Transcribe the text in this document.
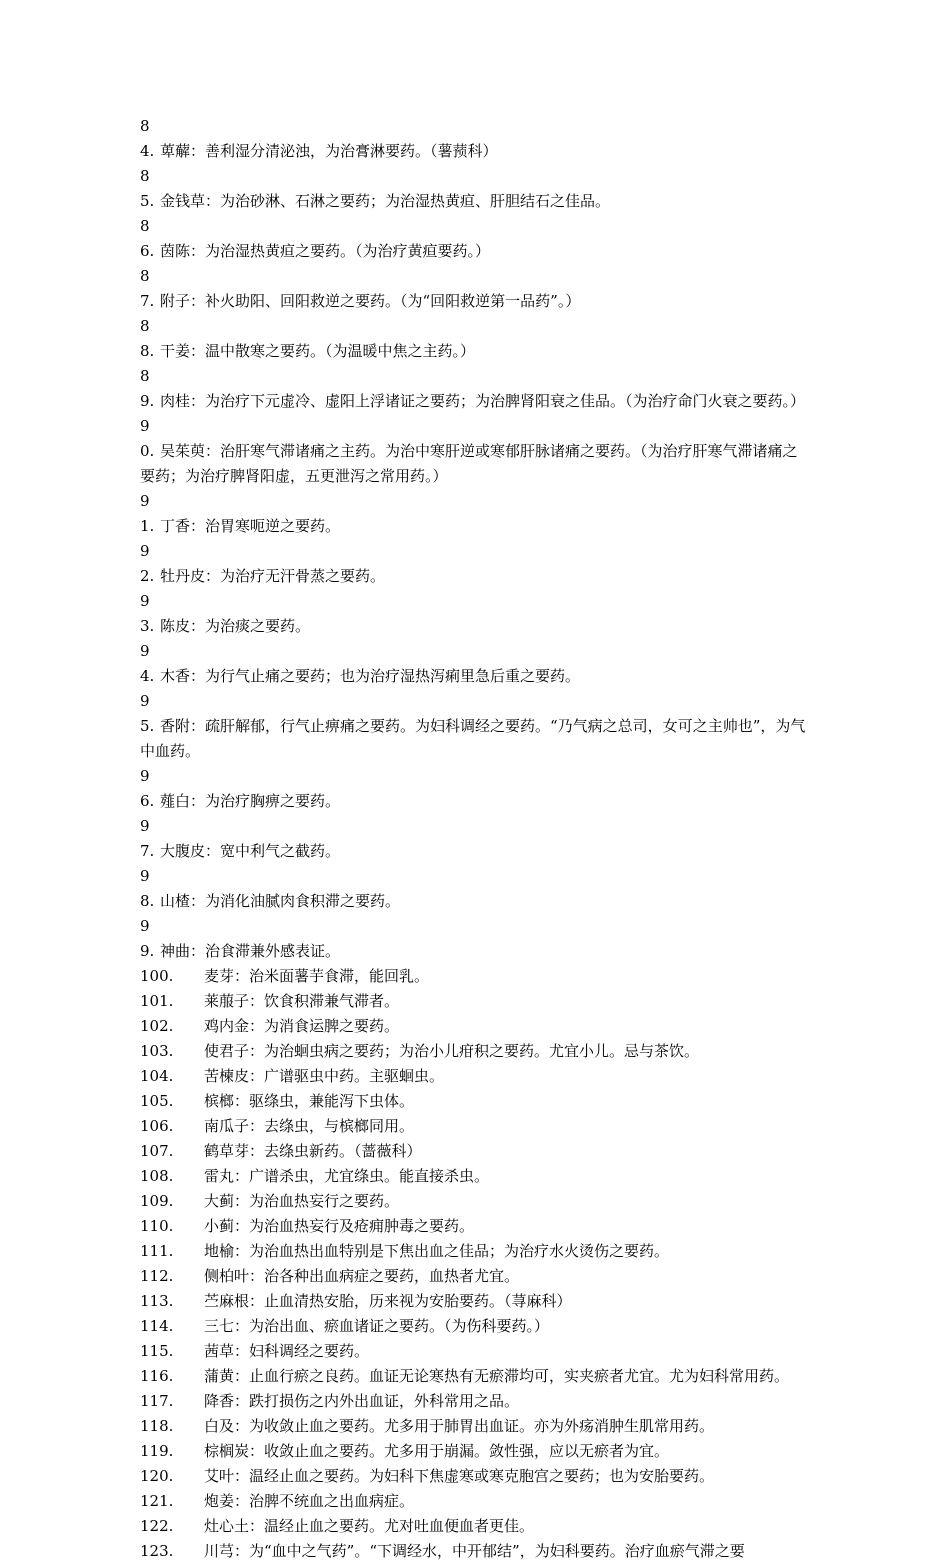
84. 萆薢：善利湿分清泌浊，为治膏淋要药。（薯蓣科）

85. 金钱草：为治砂淋、石淋之要药；为治湿热黄疸、肝胆结石之佳品。

86. 茵陈：为治湿热黄疸之要药。（为治疗黄疸要药。）

87. 附子：补火助阳、回阳救逆之要药。（为“回阳救逆第一品药”。）

88. 干姜：温中散寒之要药。（为温暖中焦之主药。）

89. 肉桂：为治疗下元虚冷、虚阳上浮诸证之要药；为治脾肾阳衰之佳品。（为治疗命门火衰之要药。）

90. 吴茱萸：治肝寒气滞诸痛之主药。为治中寒肝逆或寒郁肝脉诸痛之要药。（为治疗肝寒气滞诸痛之要药；为治疗脾肾阳虚，五更泄泻之常用药。）

91. 丁香：治胃寒呃逆之要药。

92. 牡丹皮：为治疗无汗骨蒸之要药。

93. 陈皮：为治痰之要药。

94. 木香：为行气止痛之要药；也为治疗湿热泻痢里急后重之要药。

95. 香附：疏肝解郁，行气止痹痛之要药。为妇科调经之要药。“乃气病之总司，女可之主帅也”，为气中血药。

96. 薤白：为治疗胸痹之要药。

97. 大腹皮：宽中利气之截药。

98. 山楂：为消化油腻肉食积滞之要药。

99. 神曲：治食滞兼外感表证。

100. 麦芽：治米面薯芋食滞，能回乳。

101. 莱菔子：饮食积滞兼气滞者。

102. 鸡内金：为消食运脾之要药。

103. 使君子：为治蛔虫病之要药；为治小儿疳积之要药。尤宜小儿。忌与茶饮。

104. 苦楝皮：广谱驱虫中药。主驱蛔虫。

105. 槟榔：驱绦虫，兼能泻下虫体。

106. 南瓜子：去绦虫，与槟榔同用。

107. 鹤草芽：去绦虫新药。（蔷薇科）

108. 雷丸：广谱杀虫，尤宜绦虫。能直接杀虫。

109. 大蓟：为治血热妄行之要药。

110. 小蓟：为治血热妄行及疮痈肿毒之要药。

111. 地榆：为治血热出血特别是下焦出血之佳品；为治疗水火烫伤之要药。

112. 侧柏叶：治各种出血病症之要药，血热者尤宜。

113. 苎麻根：止血清热安胎，历来视为安胎要药。（荨麻科）

114. 三七：为治出血、瘀血诸证之要药。（为伤科要药。）

115. 茜草：妇科调经之要药。

116. 蒲黄：止血行瘀之良药。血证无论寒热有无瘀滞均可，实夹瘀者尤宜。尤为妇科常用药。

117. 降香：跌打损伤之内外出血证，外科常用之品。

118. 白及：为收敛止血之要药。尤多用于肺胃出血证。亦为外疡消肿生肌常用药。

119. 棕榈炭：收敛止血之要药。尤多用于崩漏。敛性强，应以无瘀者为宜。

120. 艾叶：温经止血之要药。为妇科下焦虚寒或寒克胞宫之要药；也为安胎要药。

121. 炮姜：治脾不统血之出血病症。

122. 灶心土：温经止血之要药。尤对吐血便血者更佳。

123. 川芎：为“血中之气药”。“下调经水，中开郁结”，为妇科要药。治疗血瘀气滞之要
